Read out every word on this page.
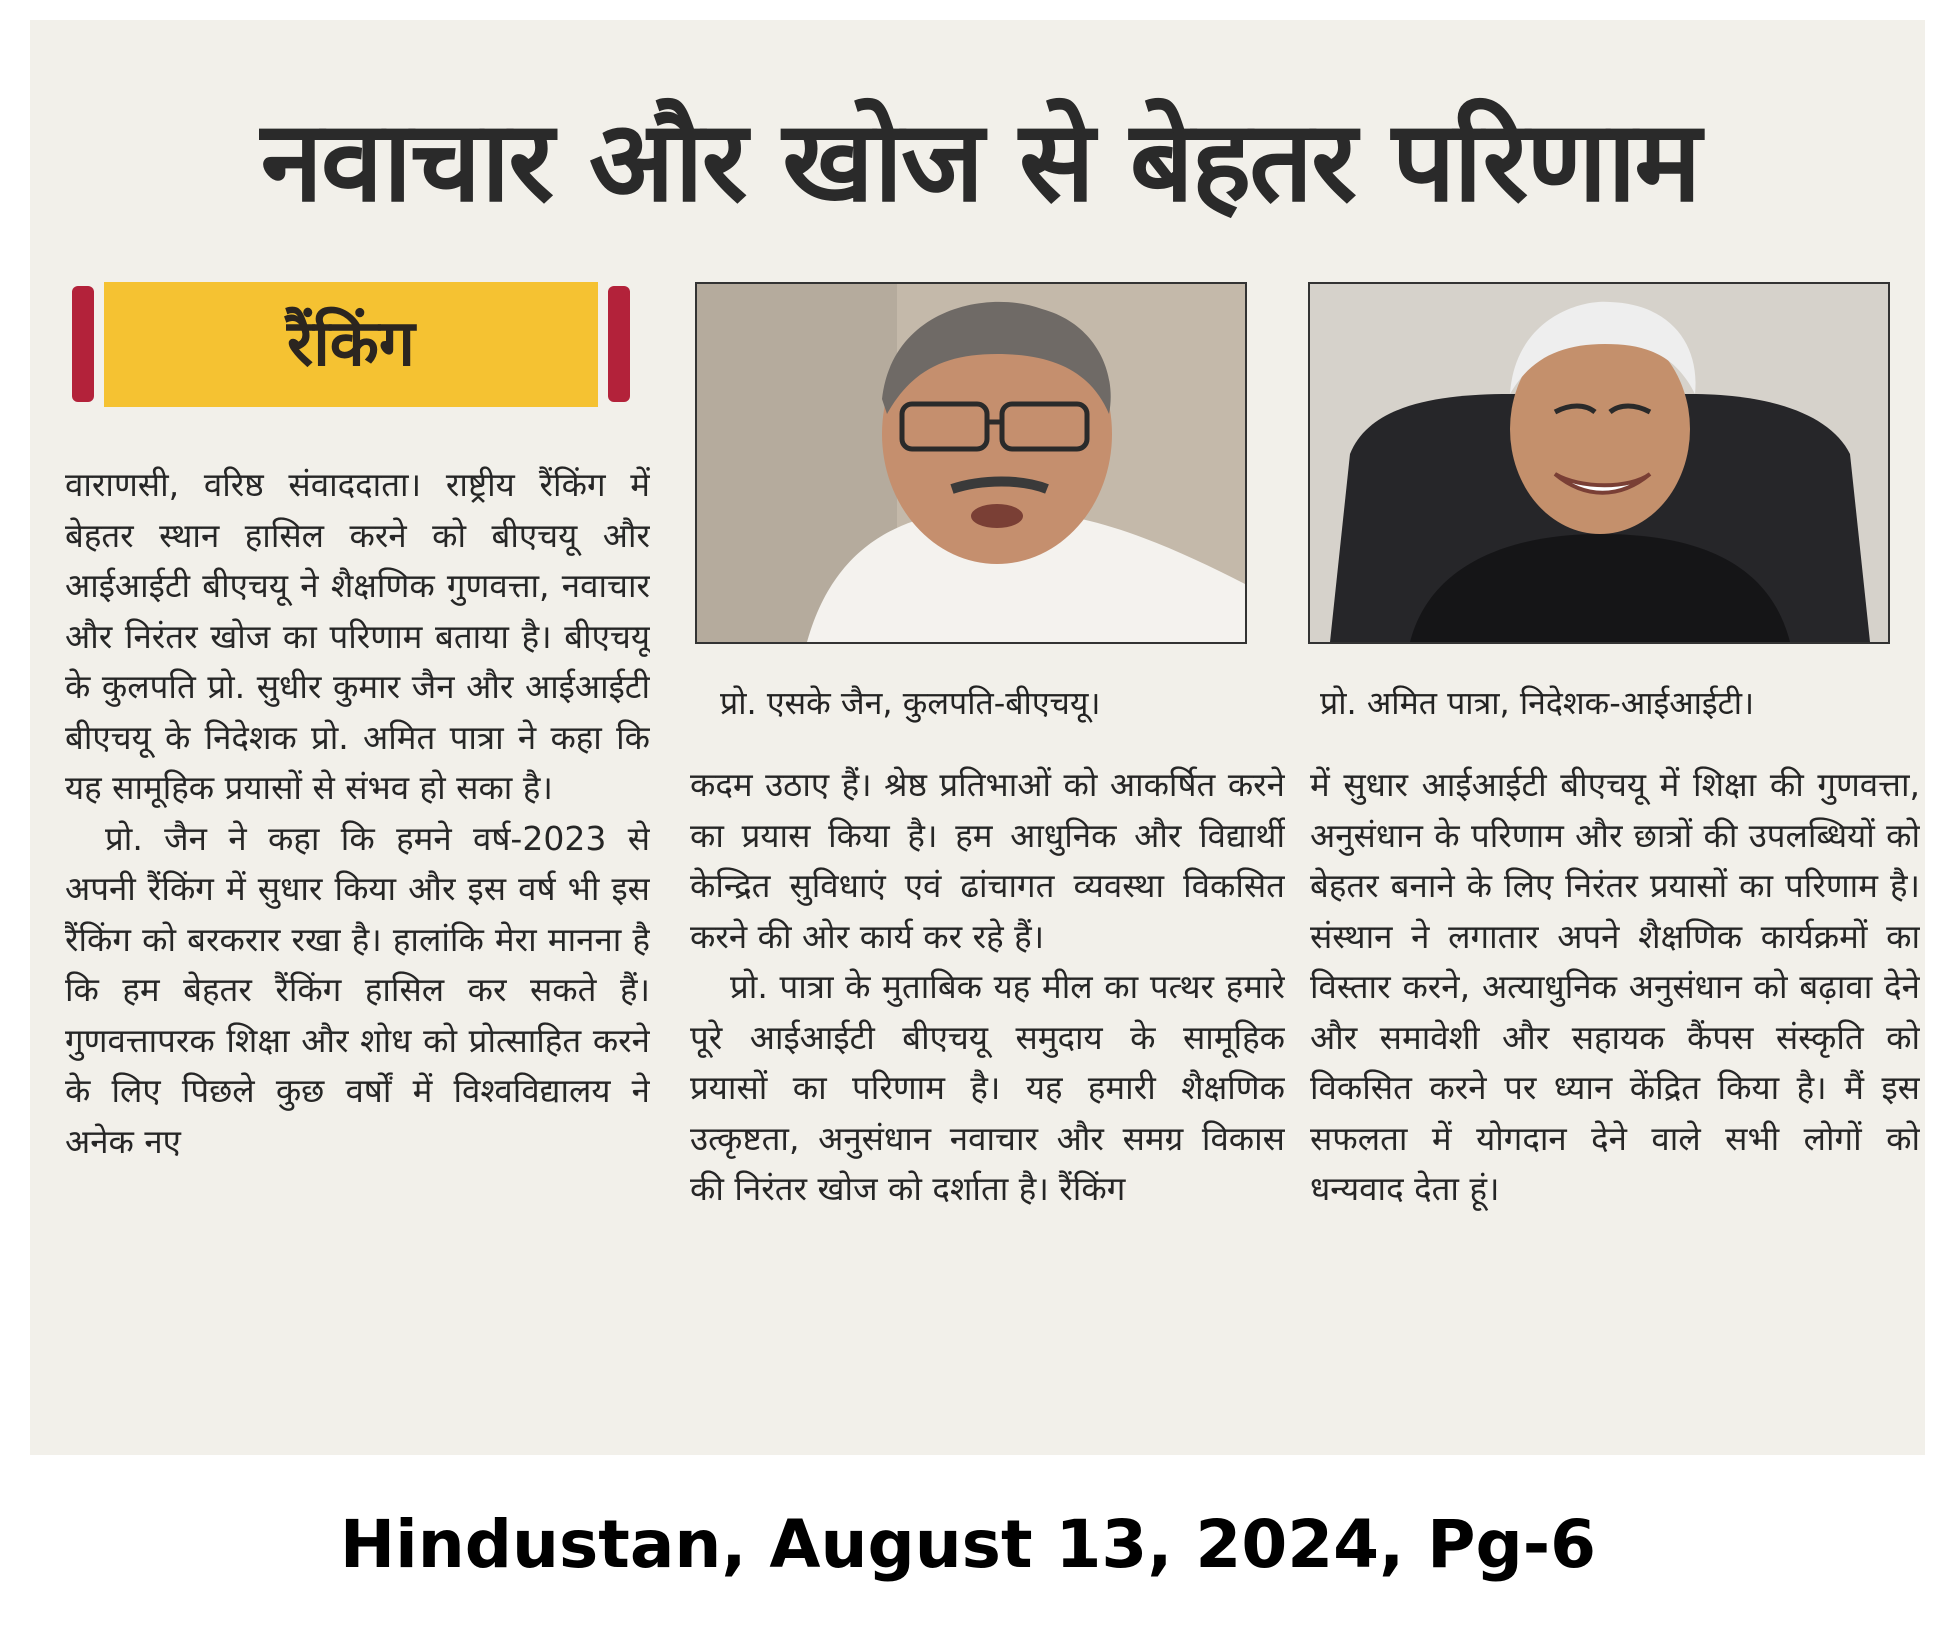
नवाचार और खोज से बेहतर परिणाम
रैंकिंग

वाराणसी, वरिष्ठ संवाददाता। राष्ट्रीय रैंकिंग में बेहतर स्थान हासिल करने को बीएचयू और आईआईटी बीएचयू ने शैक्षणिक गुणवत्ता, नवाचार और निरंतर खोज का परिणाम बताया है। बीएचयू के कुलपति प्रो. सुधीर कुमार जैन और आईआईटी बीएचयू के निदेशक प्रो. अमित पात्रा ने कहा कि यह सामूहिक प्रयासों से संभव हो सका है।

प्रो. जैन ने कहा कि हमने वर्ष-2023 से अपनी रैंकिंग में सुधार किया और इस वर्ष भी इस रैंकिंग को बरकरार रखा है। हालांकि मेरा मानना है कि हम बेहतर रैंकिंग हासिल कर सकते हैं। गुणवत्तापरक शिक्षा और शोध को प्रोत्साहित करने के लिए पिछले कुछ वर्षों में विश्वविद्यालय ने अनेक नए

प्रो. एसके जैन, कुलपति-बीएचयू।	प्रो. अमित पात्रा, निदेशक-आईआईटी।

कदम उठाए हैं। श्रेष्ठ प्रतिभाओं को आकर्षित करने का प्रयास किया है। हम आधुनिक और विद्यार्थी केन्द्रित सुविधाएं एवं ढांचागत व्यवस्था विकसित करने की ओर कार्य कर रहे हैं।

प्रो. पात्रा के मुताबिक यह मील का पत्थर हमारे पूरे आईआईटी बीएचयू समुदाय के सामूहिक प्रयासों का परिणाम है। यह हमारी शैक्षणिक उत्कृष्टता, अनुसंधान नवाचार और समग्र विकास की निरंतर खोज को दर्शाता है। रैंकिंग

में सुधार आईआईटी बीएचयू में शिक्षा की गुणवत्ता, अनुसंधान के परिणाम और छात्रों की उपलब्धियों को बेहतर बनाने के लिए निरंतर प्रयासों का परिणाम है। संस्थान ने लगातार अपने शैक्षणिक कार्यक्रमों का विस्तार करने, अत्याधुनिक अनुसंधान को बढ़ावा देने और समावेशी और सहायक कैंपस संस्कृति को विकसित करने पर ध्यान केंद्रित किया है। मैं इस सफलता में योगदान देने वाले सभी लोगों को धन्यवाद देता हूं।

Hindustan, August 13, 2024, Pg-6
